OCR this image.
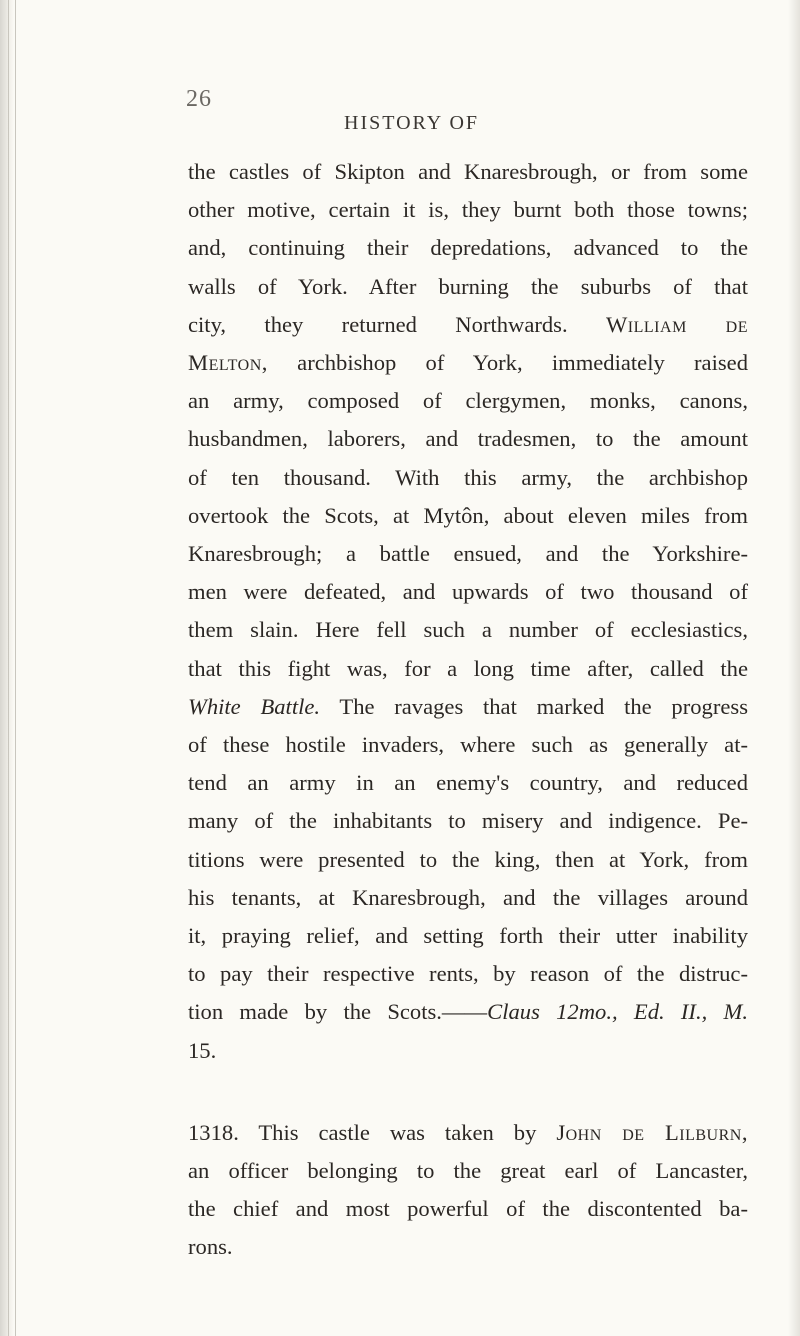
26
HISTORY OF
the castles of Skipton and Knaresbrough, or from some
other motive, certain it is, they burnt both those towns;
and, continuing their depredations, advanced to the
walls of York. After burning the suburbs of that
city, they returned Northwards. William de
Melton, archbishop of York, immediately raised
an army, composed of clergymen, monks, canons,
husbandmen, laborers, and tradesmen, to the amount
of ten thousand. With this army, the archbishop
overtook the Scots, at Mytôn, about eleven miles from
Knaresbrough; a battle ensued, and the Yorkshire-
men were defeated, and upwards of two thousand of
them slain. Here fell such a number of ecclesiastics,
that this fight was, for a long time after, called the
White Battle. The ravages that marked the progress
of these hostile invaders, where such as generally at-
tend an army in an enemy's country, and reduced
many of the inhabitants to misery and indigence. Pe-
titions were presented to the king, then at York, from
his tenants, at Knaresbrough, and the villages around
it, praying relief, and setting forth their utter inability
to pay their respective rents, by reason of the distruc-
tion made by the Scots.——Claus 12mo., Ed. II., M.
15.
1318. This castle was taken by John de Lilburn,
an officer belonging to the great earl of Lancaster,
the chief and most powerful of the discontented ba-
rons.
